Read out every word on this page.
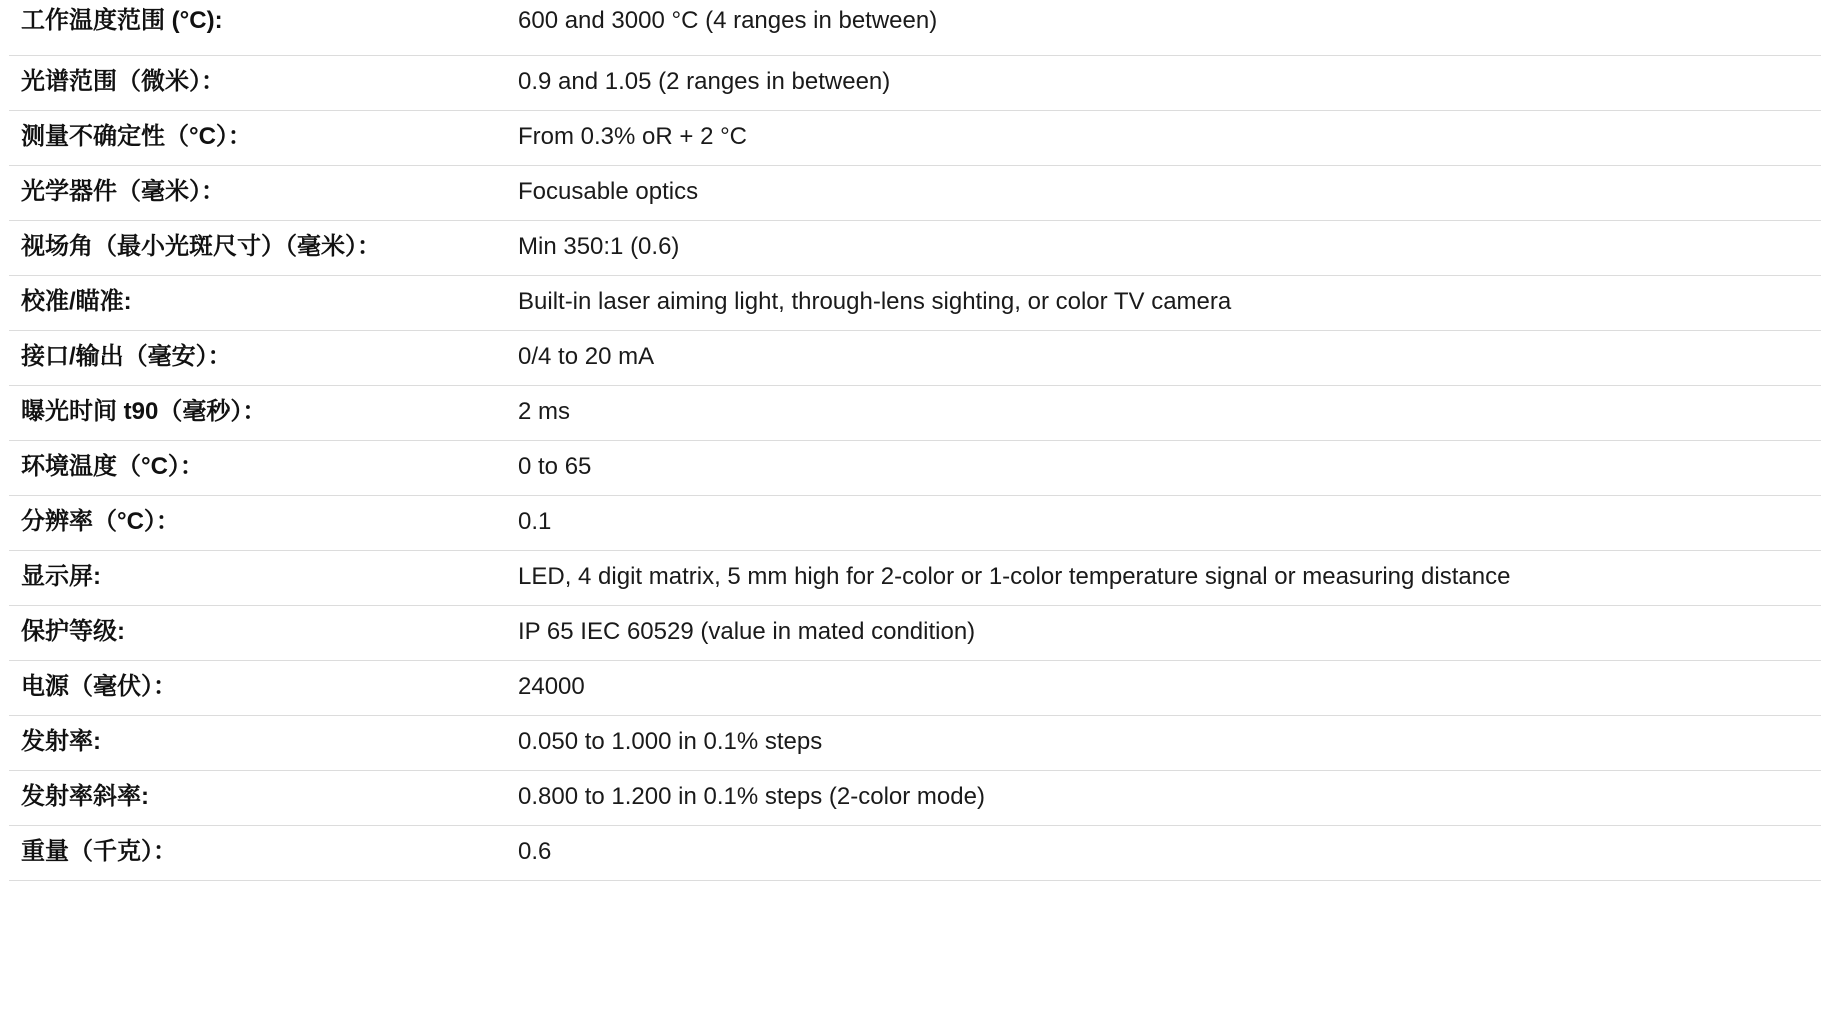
工作温度范围 (°C):	600 and 3000 °C (4 ranges in between)
光谱范围（微米）：	0.9 and 1.05 (2 ranges in between)
测量不确定性（°C）：	From 0.3% oR + 2 °C
光学器件（毫米）：	Focusable optics
视场角（最小光斑尺寸）（毫米）：	Min 350:1 (0.6)
校准/瞄准:	Built-in laser aiming light, through-lens sighting, or color TV camera
接口/输出（毫安）：	0/4 to 20 mA
曝光时间 t90（毫秒）：	2 ms
环境温度（°C）：	0 to 65
分辨率（°C）：	0.1
显示屏:	LED, 4 digit matrix, 5 mm high for 2-color or 1-color temperature signal or measuring distance
保护等级:	IP 65 IEC 60529 (value in mated condition)
电源（毫伏）：	24000
发射率:	0.050 to 1.000 in 0.1% steps
发射率斜率:	0.800 to 1.200 in 0.1% steps (2-color mode)
重量（千克）：	0.6
